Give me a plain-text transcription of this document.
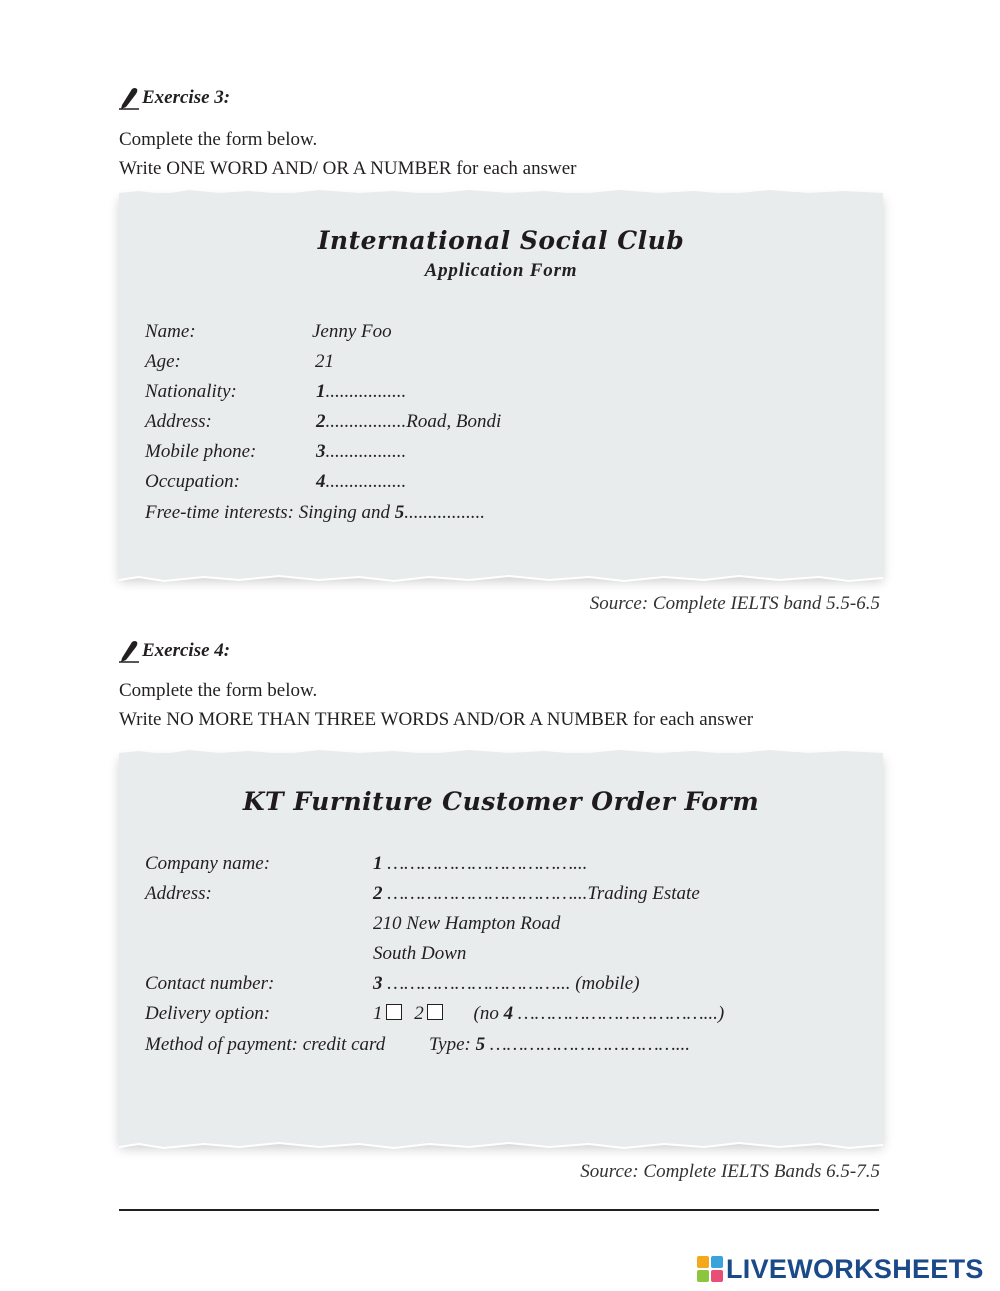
Exercise 3:
Complete the form below.
Write ONE WORD AND/ OR A NUMBER for each answer
International Social Club
Application Form
Name:	Jenny Foo
Age:	21
Nationality:	1.................
Address:	2.................Road, Bondi
Mobile phone:	3.................
Occupation:	4.................
Free-time interests: Singing and 5.................
Source: Complete IELTS band 5.5-6.5
Exercise 4:
Complete the form below.
Write NO MORE THAN THREE WORDS AND/OR A NUMBER for each answer
KT Furniture Customer Order Form
Company name:	1 ……………………………...
Address:	2 ……………………………...Trading Estate
210 New Hampton Road
South Down
Contact number:	3 …………………………... (mobile)
Delivery option:	1 2	(no 4 ……………………………...)
Method of payment: credit card Type: 5 ……………………………...
Source: Complete IELTS Bands 6.5-7.5
LIVEWORKSHEETS
